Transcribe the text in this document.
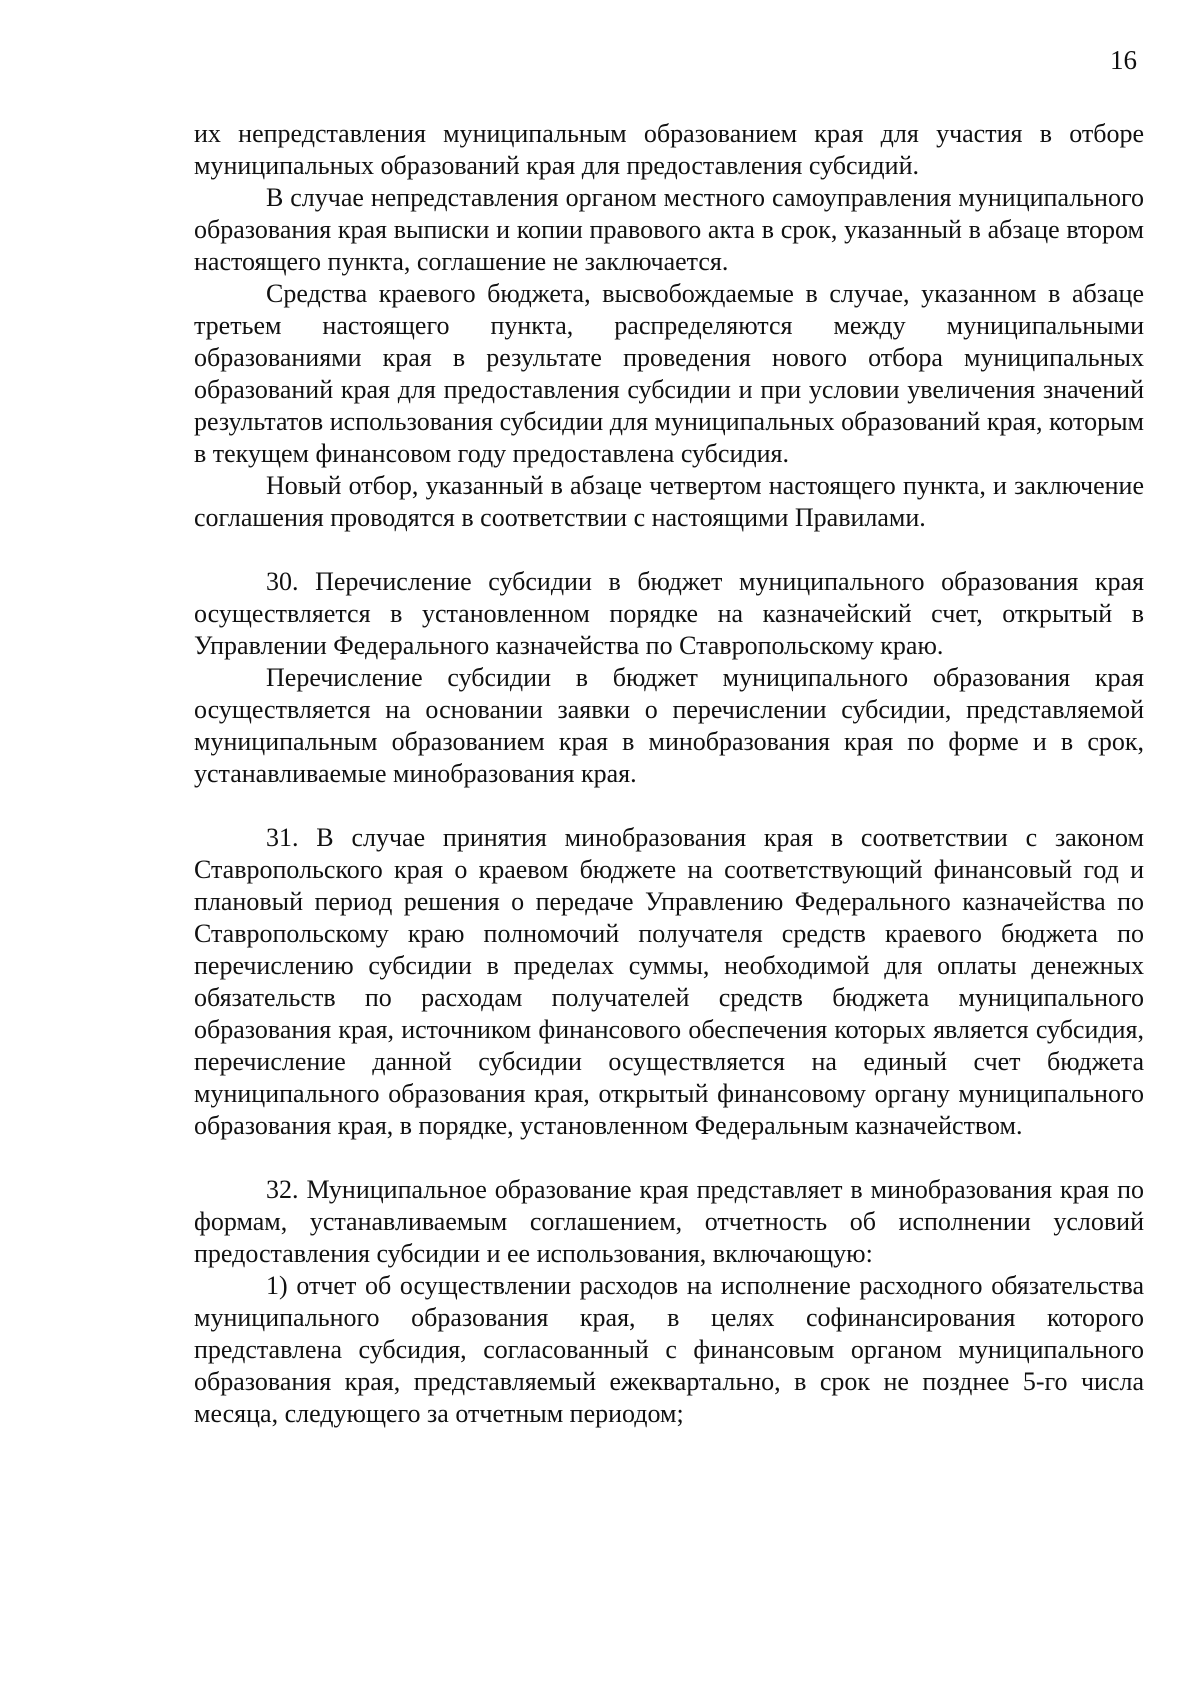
16

их непредставления муниципальным образованием края для участия в отборе муниципальных образований края для предоставления субсидий.

В случае непредставления органом местного самоуправления муниципального образования края выписки и копии правового акта в срок, указанный в абзаце втором настоящего пункта, соглашение не заключается.

Средства краевого бюджета, высвобождаемые в случае, указанном в абзаце третьем настоящего пункта, распределяются между муниципальными образованиями края в результате проведения нового отбора муниципальных образований края для предоставления субсидии и при условии увеличения значений результатов использования субсидии для муниципальных образований края, которым в текущем финансовом году предоставлена субсидия.

Новый отбор, указанный в абзаце четвертом настоящего пункта, и заключение соглашения проводятся в соответствии с настоящими Правилами.

30. Перечисление субсидии в бюджет муниципального образования края осуществляется в установленном порядке на казначейский счет, открытый в Управлении Федерального казначейства по Ставропольскому краю.

Перечисление субсидии в бюджет муниципального образования края осуществляется на основании заявки о перечислении субсидии, представляемой муниципальным образованием края в минобразования края по форме и в срок, устанавливаемые минобразования края.

31. В случае принятия минобразования края в соответствии с законом Ставропольского края о краевом бюджете на соответствующий финансовый год и плановый период решения о передаче Управлению Федерального казначейства по Ставропольскому краю полномочий получателя средств краевого бюджета по перечислению субсидии в пределах суммы, необходимой для оплаты денежных обязательств по расходам получателей средств бюджета муниципального образования края, источником финансового обеспечения которых является субсидия, перечисление данной субсидии осуществляется на единый счет бюджета муниципального образования края, открытый финансовому органу муниципального образования края, в порядке, установленном Федеральным казначейством.

32. Муниципальное образование края представляет в минобразования края по формам, устанавливаемым соглашением, отчетность об исполнении условий предоставления субсидии и ее использования, включающую:

1) отчет об осуществлении расходов на исполнение расходного обязательства муниципального образования края, в целях софинансирования которого представлена субсидия, согласованный с финансовым органом муниципального образования края, представляемый ежеквартально, в срок не позднее 5-го числа месяца, следующего за отчетным периодом;
